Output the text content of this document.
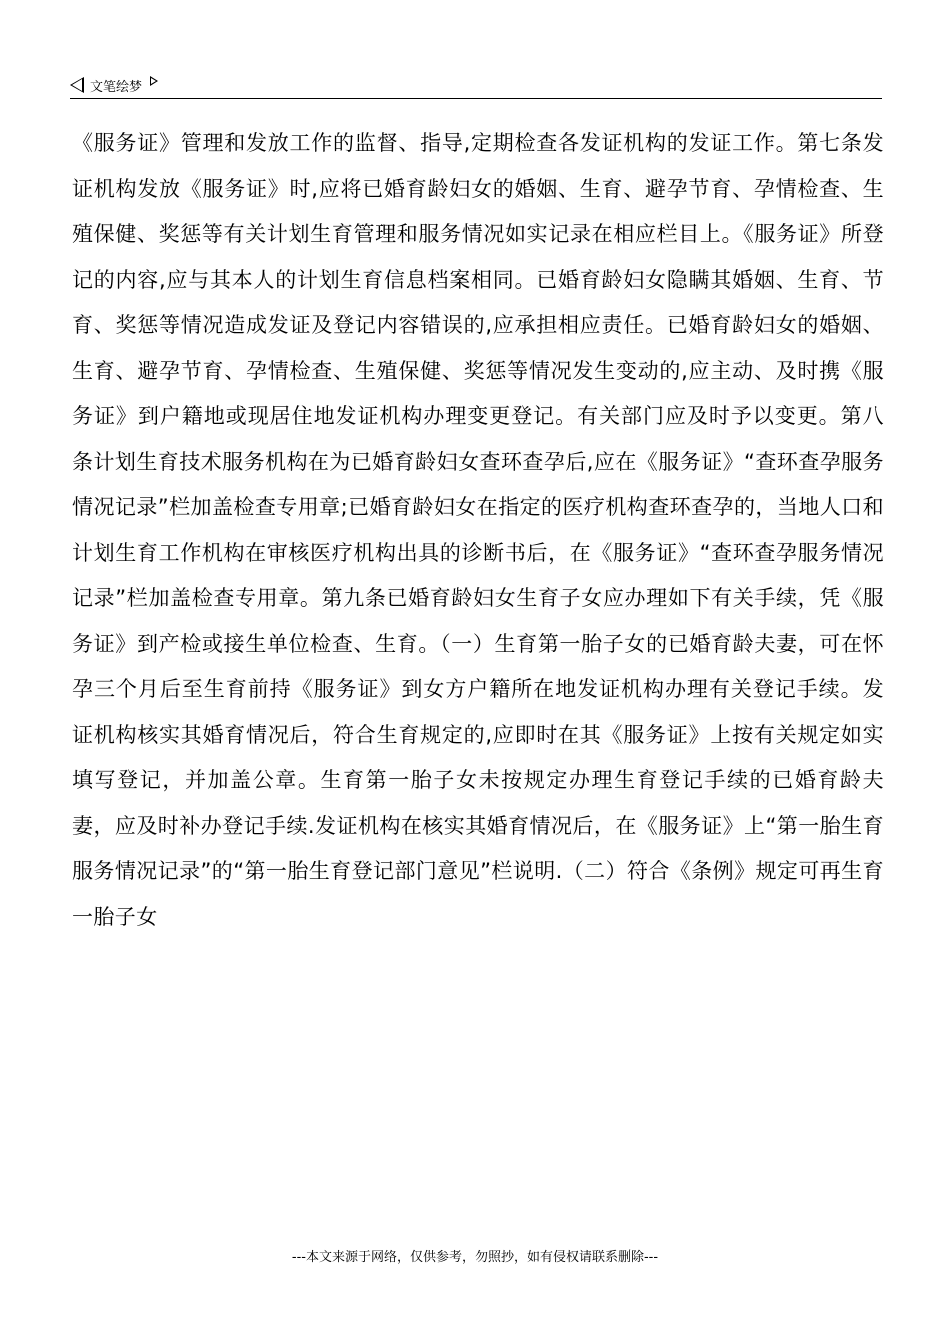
文笔绘梦
《服务证》管理和发放工作的监督、指导,定期检查各发证机构的发证工作。第七条发证机构发放《服务证》时,应将已婚育龄妇女的婚姻、生育、避孕节育、孕情检查、生殖保健、奖惩等有关计划生育管理和服务情况如实记录在相应栏目上。《服务证》所登记的内容,应与其本人的计划生育信息档案相同。已婚育龄妇女隐瞒其婚姻、生育、节育、奖惩等情况造成发证及登记内容错误的,应承担相应责任。已婚育龄妇女的婚姻、生育、避孕节育、孕情检查、生殖保健、奖惩等情况发生变动的,应主动、及时携《服务证》到户籍地或现居住地发证机构办理变更登记。有关部门应及时予以变更。第八条计划生育技术服务机构在为已婚育龄妇女查环查孕后,应在《服务证》“查环查孕服务情况记录”栏加盖检查专用章;已婚育龄妇女在指定的医疗机构查环查孕的，当地人口和计划生育工作机构在审核医疗机构出具的诊断书后，在《服务证》“查环查孕服务情况记录”栏加盖检查专用章。第九条已婚育龄妇女生育子女应办理如下有关手续，凭《服务证》到产检或接生单位检查、生育。（一）生育第一胎子女的已婚育龄夫妻，可在怀孕三个月后至生育前持《服务证》到女方户籍所在地发证机构办理有关登记手续。发证机构核实其婚育情况后，符合生育规定的,应即时在其《服务证》上按有关规定如实填写登记，并加盖公章。生育第一胎子女未按规定办理生育登记手续的已婚育龄夫妻，应及时补办登记手续.发证机构在核实其婚育情况后，在《服务证》上“第一胎生育服务情况记录”的“第一胎生育登记部门意见”栏说明.（二）符合《条例》规定可再生育一胎子女
---本文来源于网络，仅供参考，勿照抄，如有侵权请联系删除---
